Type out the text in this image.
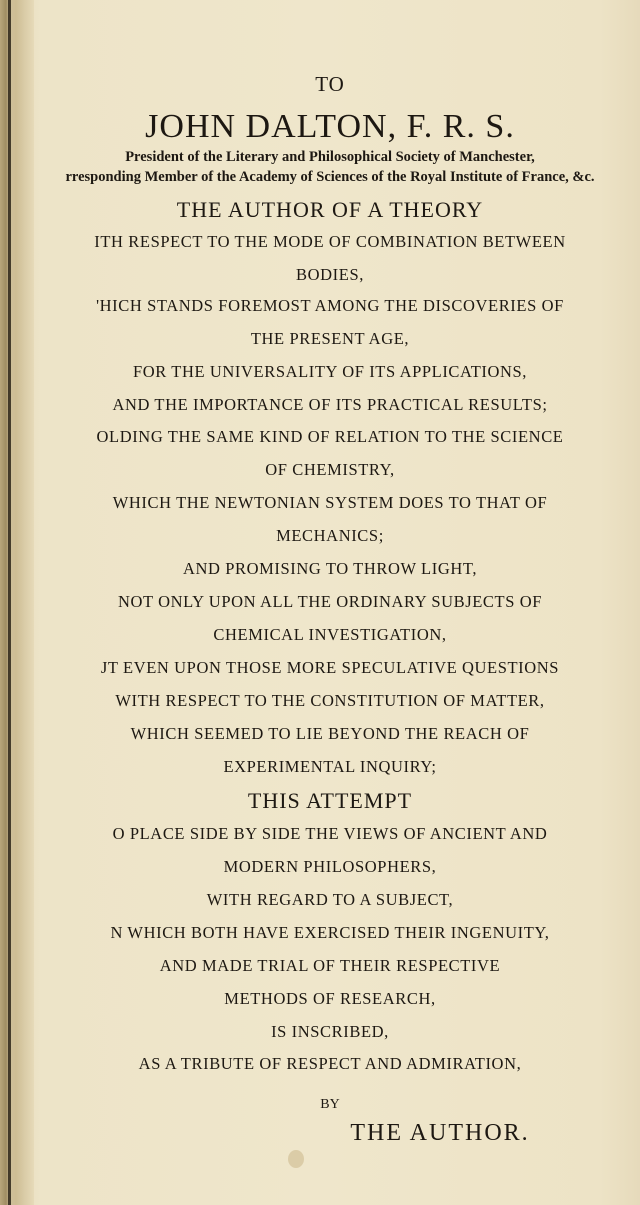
TO
JOHN DALTON, F. R. S.
President of the Literary and Philosophical Society of Manchester,
rresponding Member of the Academy of Sciences of the Royal Institute of France, &c.
THE AUTHOR OF A THEORY
ITH RESPECT TO THE MODE OF COMBINATION BETWEEN
BODIES,
'HICH STANDS FOREMOST AMONG THE DISCOVERIES OF
THE PRESENT AGE,
FOR THE UNIVERSALITY OF ITS APPLICATIONS,
AND THE IMPORTANCE OF ITS PRACTICAL RESULTS;
OLDING THE SAME KIND OF RELATION TO THE SCIENCE
OF CHEMISTRY,
WHICH THE NEWTONIAN SYSTEM DOES TO THAT OF
MECHANICS;
AND PROMISING TO THROW LIGHT,
NOT ONLY UPON ALL THE ORDINARY SUBJECTS OF
CHEMICAL INVESTIGATION,
JT EVEN UPON THOSE MORE SPECULATIVE QUESTIONS
WITH RESPECT TO THE CONSTITUTION OF MATTER,
WHICH SEEMED TO LIE BEYOND THE REACH OF
EXPERIMENTAL INQUIRY;
THIS ATTEMPT
O PLACE SIDE BY SIDE THE VIEWS OF ANCIENT AND
MODERN PHILOSOPHERS,
WITH REGARD TO A SUBJECT,
N WHICH BOTH HAVE EXERCISED THEIR INGENUITY,
AND MADE TRIAL OF THEIR RESPECTIVE
METHODS OF RESEARCH,
IS INSCRIBED,
AS A TRIBUTE OF RESPECT AND ADMIRATION,
BY
THE AUTHOR.
